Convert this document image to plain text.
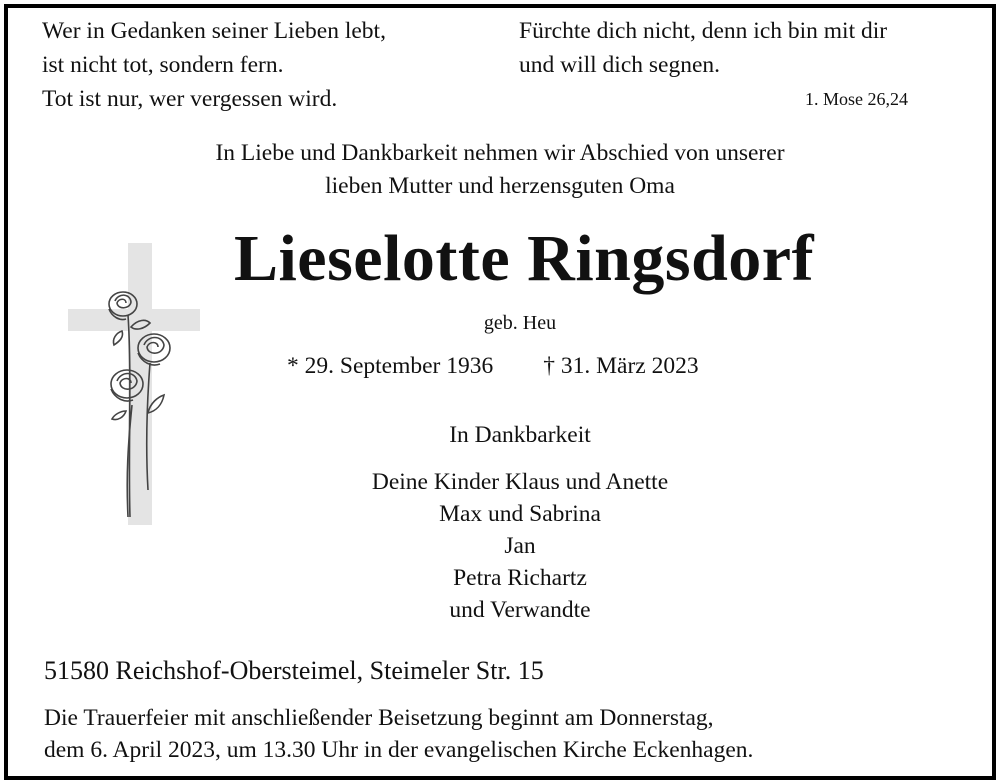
Wer in Gedanken seiner Lieben lebt,
ist nicht tot, sondern fern.
Tot ist nur, wer vergessen wird.
Fürchte dich nicht, denn ich bin mit dir
und will dich segnen.
1. Mose 26,24
In Liebe und Dankbarkeit nehmen wir Abschied von unserer
lieben Mutter und herzensguten Oma
Lieselotte Ringsdorf
geb. Heu
* 29. September 1936 † 31. März 2023
In Dankbarkeit
Deine Kinder Klaus und Anette
Max und Sabrina
Jan
Petra Richartz
und Verwandte
51580 Reichshof-Obersteimel, Steimeler Str. 15
Die Trauerfeier mit anschließender Beisetzung beginnt am Donnerstag,
dem 6. April 2023, um 13.30 Uhr in der evangelischen Kirche Eckenhagen.
